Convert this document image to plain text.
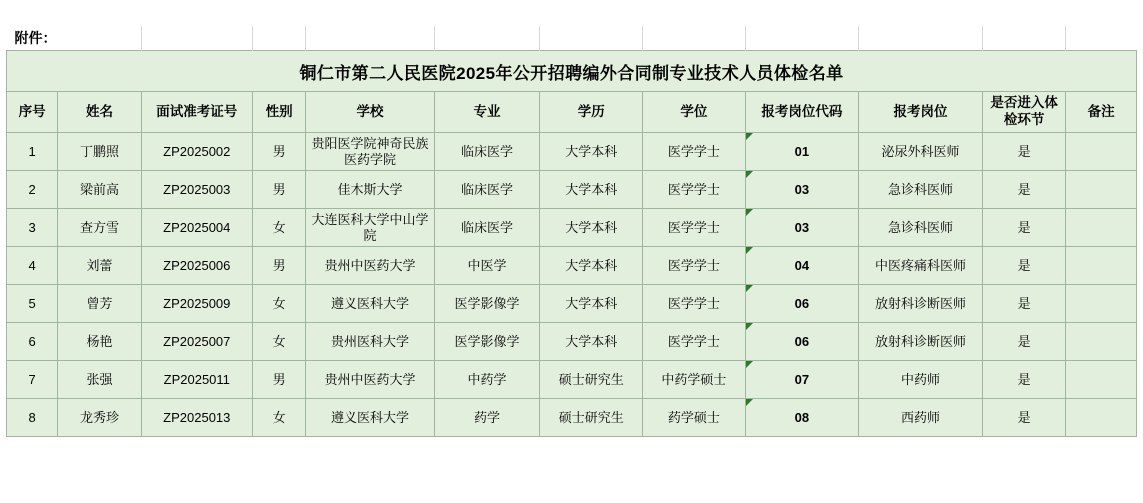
附件：											
铜仁市第二人民医院2025年公开招聘编外合同制专业技术人员体检名单											

序号	姓名	面试准考证号	性别	学校	专业	学历	学位	报考岗位代码	报考岗位	是否进入体检环节	备注

1	丁鹏照	ZP2025002	男	贵阳医学院神奇民族医药学院	临床医学	大学本科	医学学士	01	泌尿外科医师	是	

2	梁前高	ZP2025003	男	佳木斯大学	临床医学	大学本科	医学学士	03	急诊科医师	是	

3	查方雪	ZP2025004	女	大连医科大学中山学院	临床医学	大学本科	医学学士	03	急诊科医师	是	

4	刘蕾	ZP2025006	男	贵州中医药大学	中医学	大学本科	医学学士	04	中医疼痛科医师	是	

5	曾芳	ZP2025009	女	遵义医科大学	医学影像学	大学本科	医学学士	06	放射科诊断医师	是	

6	杨艳	ZP2025007	女	贵州医科大学	医学影像学	大学本科	医学学士	06	放射科诊断医师	是	

7	张强	ZP2025011	男	贵州中医药大学	中药学	硕士研究生	中药学硕士	07	中药师	是	

8	龙秀珍	ZP2025013	女	遵义医科大学	药学	硕士研究生	药学硕士	08	西药师	是	
